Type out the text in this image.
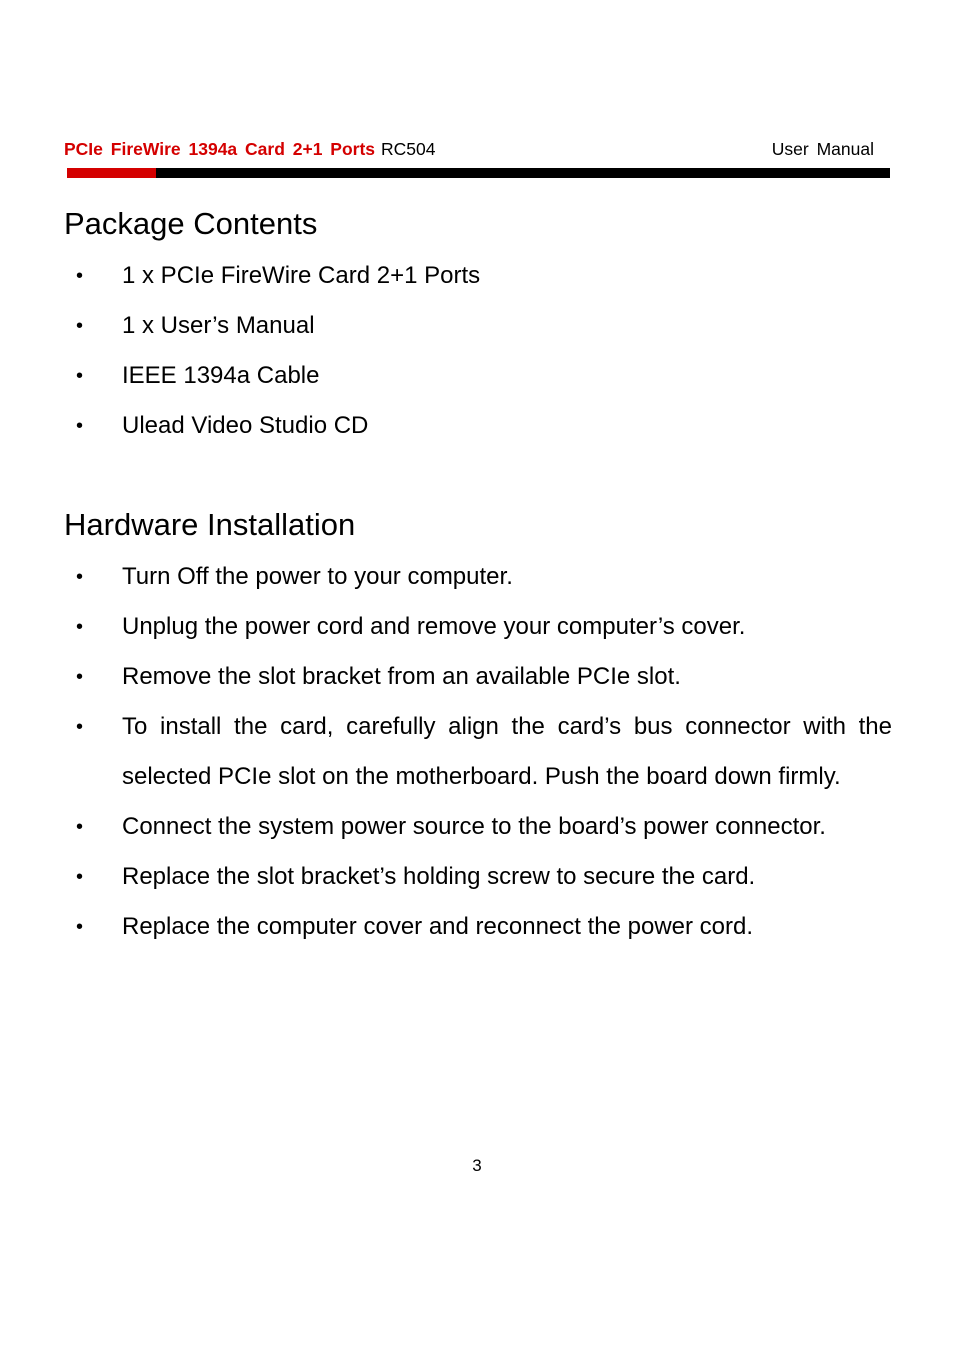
PCIe FireWire 1394a Card 2+1 Ports RC504	User Manual
Package Contents
• 1 x PCIe FireWire Card 2+1 Ports
• 1 x User’s Manual
• IEEE 1394a Cable
• Ulead Video Studio CD
Hardware Installation
• Turn Off the power to your computer.
• Unplug the power cord and remove your computer’s cover.
• Remove the slot bracket from an available PCIe slot.
• To install the card, carefully align the card’s bus connector with the selected PCIe slot on the motherboard. Push the board down firmly.
• Connect the system power source to the board’s power connector.
• Replace the slot bracket’s holding screw to secure the card.
• Replace the computer cover and reconnect the power cord.
3
